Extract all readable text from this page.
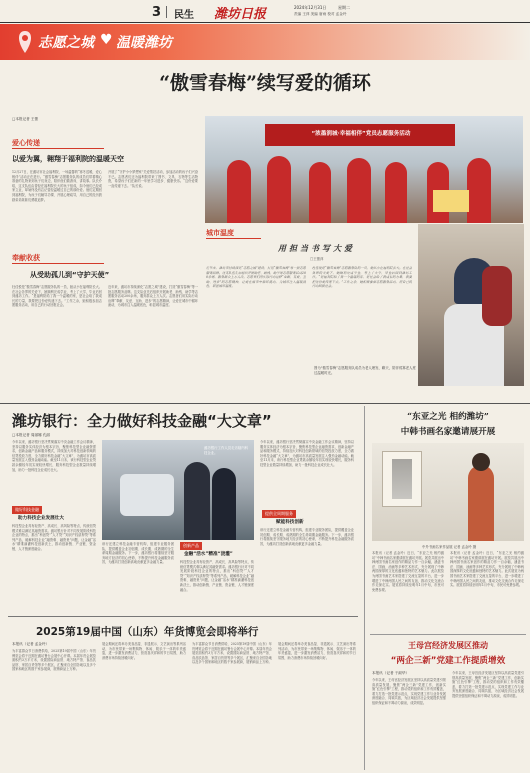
3 民生 潍坊日报	2024年12月31日	星期二
责编 王萍 美编 唐雨 校对 孟金玲
志愿之城 ♥ 温暖潍坊
“傲雪春梅”续写爱的循环
□本报记者 王蕾
爱心传递
以爱为翼，翱翔于福利院的温暖天空
12月27日，在潍坊市社会福利院，一场温馨的“寒冬送暖，爱心相伴”活动正在进行。“傲雪春梅”志愿服务队的成员们带着精心准备的礼物来到孩子们身边，陪伴他们做游戏、讲故事。队长介绍，这支队伍由曾经在福利院长大的孩子组成，如今他们已经成家立业，却始终没有忘记曾经温暖过自己的那份爱。他们定期回到福利院，为孩子们辅导功课、开展心理疏导，用自己的经历鼓励弟弟妹妹们勇敢追梦。
开展了“守护小小梦想家”关爱帮扶活动，参加活动的孩子们兴奋不已。志愿者们还为福利院带来了图书、文具、衣物等生活物资，希望孩子们在新的一年里学习进步、健康快乐。“这份爱要一直传递下去。”队长说。
奉献收获
从受助孤儿到“守护天使”
杜佳悦是“傲雪春梅”志愿服务队的一员，她从小在福利院长大。在社会各界的关爱下，她顺利完成学业，考上了大学，毕业后回到潍坊工作。“是福利院给了我一个温暖的家，是社会给了我成长的力量，我要把这份爱传递下去。”工作之余，她积极参加志愿服务活动，用自己的行动回报社会。
近年来，潍坊市持续深化“志愿之城”建设，打造“傲雪春梅”等一批志愿服务品牌。这支队伍先后组织开展助老、助残、助学等志愿服务活动200余场，服务群众上万人次。志愿者们用实际行动诠释“奉献、友爱、互助、进步”的志愿精神，让爱在城市中循环流动，为城市注入温暖底色，彰显城市温度。
“浓墨润城·幸福相伴”党员志愿服务活动
城市温度
用担当书写大爱
□王蕾萍
近年来，潍坊市持续深化“志愿之城”建设，打造“傲雪春梅”等一批志愿服务品牌。这支队伍先后组织开展助老、助残、助学等志愿服务活动200余场，服务群众上万人次。志愿者们用实际行动诠释“奉献、友爱、互助、进步”的志愿精神，让爱在城市中循环流动，为城市注入温暖底色，彰显城市温度。
杜佳悦是“傲雪春梅”志愿服务队的一员，她从小在福利院长大。在社会各界的关爱下，她顺利完成学业，考上了大学，毕业后回到潍坊工作。“是福利院给了我一个温暖的家，是社会给了我成长的力量，我要把这份爱传递下去。”工作之余，她积极参加志愿服务活动，用自己的行动回报社会。
图为“傲雪春梅”志愿服务队成员为老人理发、聊天，陪伴孤寡老人度过温暖时光。
潍坊银行：全力做好科技金融“大文章”
□本报记者 周丽娜 孔丽
今年以来，潍坊银行坚决贯彻落实中央金融工作会议精神，坚持以服务实体经济为根本宗旨，聚焦科技型企业融资需求，创新金融产品和服务模式，持续加大对科技创新领域的信贷投放力度，全力做好科技金融“大文章”，为潍坊市高质量发展注入强劲金融动能。截至11月末，该行科技型企业贷款余额较年初实现较快增长，服务科技型企业数量持续增加，助力一批科技企业成长壮大。
做好科技金融
助力科技企业发展壮大
科技型企业具有轻资产、高成长、高风险等特点，传统信贷模式难以满足其融资需求。潍坊银行针对不同发展阶段科技企业的特点，推出“科创贷”“人才贷”“知识产权质押贷”等系列产品，破解科技企业“融资难、融资贵”问题，让金融“活水”精准滴灌科技创新沃土，推动创新链、产业链、资金链、人才链深度融合。
该行还建立科技金融专营机构，组建专业服务团队，提供覆盖企业初创期、成长期、成熟期的全生命周期金融服务。下一步，潍坊银行将继续坚守服务地方经济的初心使命，不断提升科技金融服务质效，为潍坊打造创新高地贡献更多金融力量。
潍坊银行工作人员走访辖内科技企业。
创新产品
金融“活水”精准“浇灌”
科技型企业具有轻资产、高成长、高风险等特点，传统信贷模式难以满足其融资需求。潍坊银行针对不同发展阶段科技企业的特点，推出“科创贷”“人才贷”“知识产权质押贷”等系列产品，破解科技企业“融资难、融资贵”问题，让金融“活水”精准滴灌科技创新沃土，推动创新链、产业链、资金链、人才链深度融合。
今年以来，潍坊银行坚决贯彻落实中央金融工作会议精神，坚持以服务实体经济为根本宗旨，聚焦科技型企业融资需求，创新金融产品和服务模式，持续加大对科技创新领域的信贷投放力度，全力做好科技金融“大文章”，为潍坊市高质量发展注入强劲金融动能。截至11月末，该行科技型企业贷款余额较年初实现较快增长，服务科技型企业数量持续增加，助力一批科技企业成长壮大。
提供全周期服务
赋能科技创新
该行还建立科技金融专营机构，组建专业服务团队，提供覆盖企业初创期、成长期、成熟期的全生命周期金融服务。下一步，潍坊银行将继续坚守服务地方经济的初心使命，不断提升科技金融服务质效，为潍坊打造创新高地贡献更多金融力量。
2025第19届中国（山东）年货博览会即将举行
本报讯（记者 孟金玲）
为丰富群众节日消费供给，2025第19届中国（山东）年货博览会将于近期在潍坊鲁台会展中心开幕。本届年货会展览面积约3万平方米，设置国际商品馆、地方特产馆、食品饮品馆、家居百货馆等多个展区，汇聚来自全国各地以及多个国家和地区的数千家参展商，展销商品上万种。
展会期间还将举办美食品鉴、非遗展示、文艺演出等系列活动，为市民带来一场集购物、休闲、娱乐于一体的年货盛宴，进一步激发消费活力，营造喜庆祥和的节日氛围，助力消费市场持续回暖向好。
为丰富群众节日消费供给，2025第19届中国（山东）年货博览会将于近期在潍坊鲁台会展中心开幕。本届年货会展览面积约3万平方米，设置国际商品馆、地方特产馆、食品饮品馆、家居百货馆等多个展区，汇聚来自全国各地以及多个国家和地区的数千家参展商，展销商品上万种。
展会期间还将举办美食品鉴、非遗展示、文艺演出等系列活动，为市民带来一场集购物、休闲、娱乐于一体的年货盛宴，进一步激发消费活力，营造喜庆祥和的节日氛围，助力消费市场持续回暖向好。
“东亚之光 相约潍坊”
中韩书画名家邀请展开展
中外书画名家作品展 记者 孟金玲 摄
本报讯（记者 孟金玲）近日，“东亚之光 相约潍坊”中韩书画名家邀请展在潍坊开展。展览共展出中韩两国书画名家创作的精品力作一百余幅，涵盖书法、国画、油画等多种艺术形式，充分展现了中韩两国深厚的文化底蕴和独特的艺术魅力。此次展览为两国书画艺术家搭建了交流互鉴的平台，进一步增进了中韩两国人民之间的友谊，推动文化交流合作走深走实。展览将持续至明年1月中旬，市民可免费参观。
本报讯（记者 孟金玲）近日，“东亚之光 相约潍坊”中韩书画名家邀请展在潍坊开展。展览共展出中韩两国书画名家创作的精品力作一百余幅，涵盖书法、国画、油画等多种艺术形式，充分展现了中韩两国深厚的文化底蕴和独特的艺术魅力。此次展览为两国书画艺术家搭建了交流互鉴的平台，进一步增进了中韩两国人民之间的友谊，推动文化交流合作走深走实。展览将持续至明年1月中旬，市民可免费参观。
王母宫经济发展区推动
“两企三新”党建工作提质增效
本报讯（记者 于淑华）
今年以来，王母宫经济发展区坚持以高质量党建引领高质量发展，聚焦“两企三新”党建工作，创新实施“红色引擎”工程，推动党的组织和工作有效覆盖，着力打造一批党建示范点，实现党建工作与业务发展深度融合、同频共振，为区域经济社会发展提供坚强组织保证和不竭动力源泉，成效明显。
今年以来，王母宫经济发展区坚持以高质量党建引领高质量发展，聚焦“两企三新”党建工作，创新实施“红色引擎”工程，推动党的组织和工作有效覆盖，着力打造一批党建示范点，实现党建工作与业务发展深度融合、同频共振，为区域经济社会发展提供坚强组织保证和不竭动力源泉，成效明显。
